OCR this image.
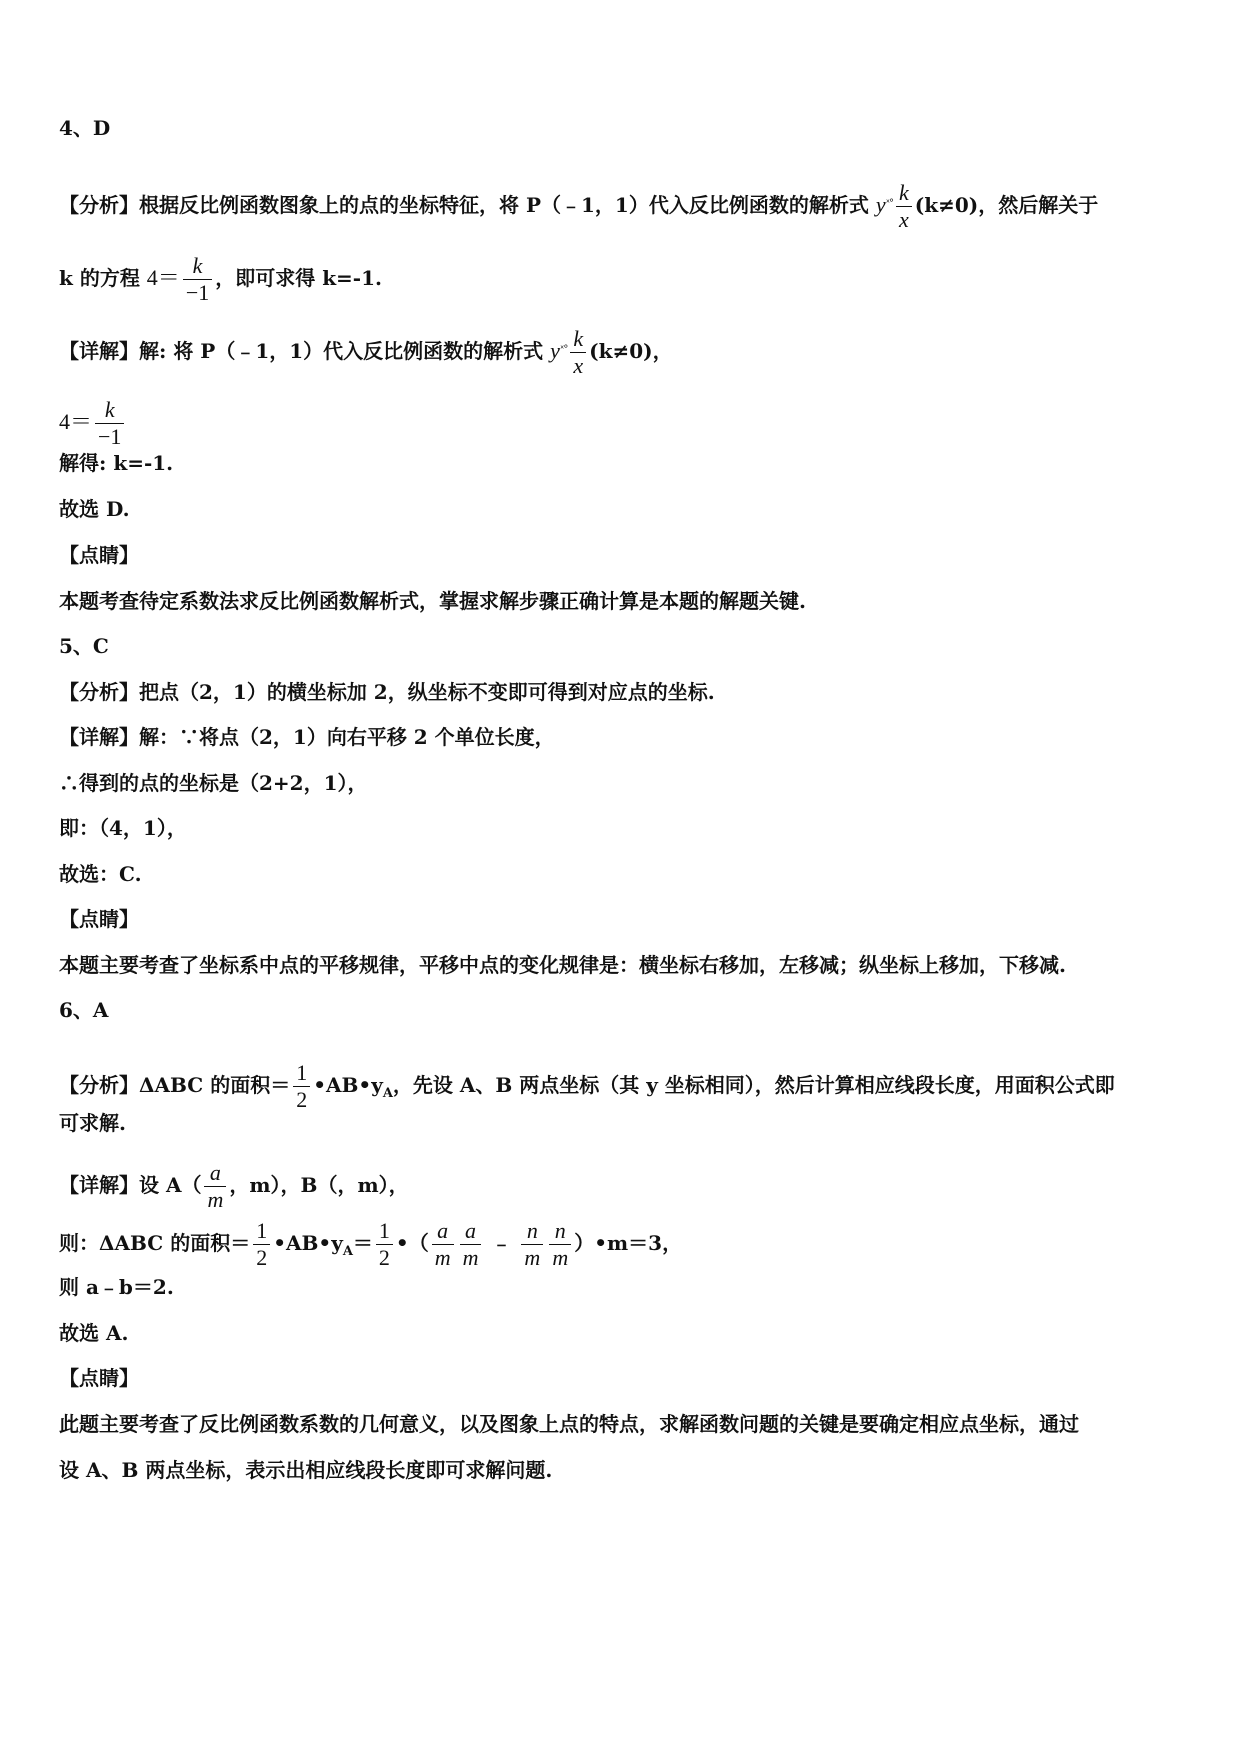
4、D
【分析】根据反比例函数图象上的点的坐标特征，将 P（﹣1，1）代入反比例函数的解析式 $y^{ˣ^\circ} \frac{k}{x} (k\ne 0)$，然后解关于
k 的方程 $4= \frac{k}{-1}$ ，即可求得 k=-1.
【详解】解: 将 P（﹣1，1）代入反比例函数的解析式 $y^{ˣ^\circ} \frac{k}{x} (k\ne 0)$，
$4= \frac{k}{-1}$
解得: k=-1.
故选 D.
【点睛】
本题考查待定系数法求反比例函数解析式，掌握求解步骤正确计算是本题的解题关键.
5、C
【分析】把点（2，1）的横坐标加 2，纵坐标不变即可得到对应点的坐标.
【详解】解：∵将点（2，1）向右平移 2 个单位长度，
∴得到的点的坐标是（2+2，1），
即：（4，1），
故选：C.
【点睛】
本题主要考查了坐标系中点的平移规律，平移中点的变化规律是：横坐标右移加，左移减；纵坐标上移加，下移减.
6、A
【分析】ΔABC 的面积＝ $\frac{1}{2}$ $•AB•y_A$，先设 A、B 两点坐标（其 y 坐标相同），然后计算相应线段长度，用面积公式即
可求解.
【详解】设 $A( \frac{a}{m}$ ，m），B（，m），
则：ΔABC 的面积＝ $\frac{1}{2}$ $•AB•y_A= \frac{1}{2}$ •（ $\frac{a}{m} \frac{a}{m}$ ﹣ $\frac{n}{m} \frac{n}{m}$ ）•m＝3，
则 a﹣b＝2.
故选 A.
【点睛】
此题主要考查了反比例函数系数的几何意义，以及图象上点的特点，求解函数问题的关键是要确定相应点坐标，通过
设 A、B 两点坐标，表示出相应线段长度即可求解问题.
